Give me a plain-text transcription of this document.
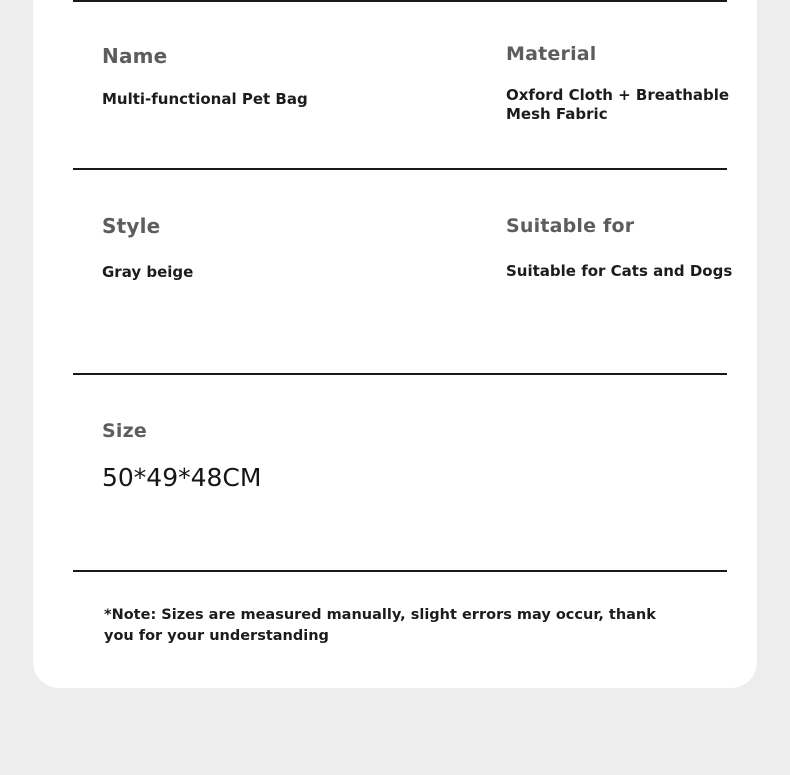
Name
Multi-functional Pet Bag
Material
Oxford Cloth + Breathable Mesh Fabric
Style
Gray beige
Suitable for
Suitable for Cats and Dogs
Size
50*49*48CM
*Note: Sizes are measured manually, slight errors may occur, thank you for your understanding
